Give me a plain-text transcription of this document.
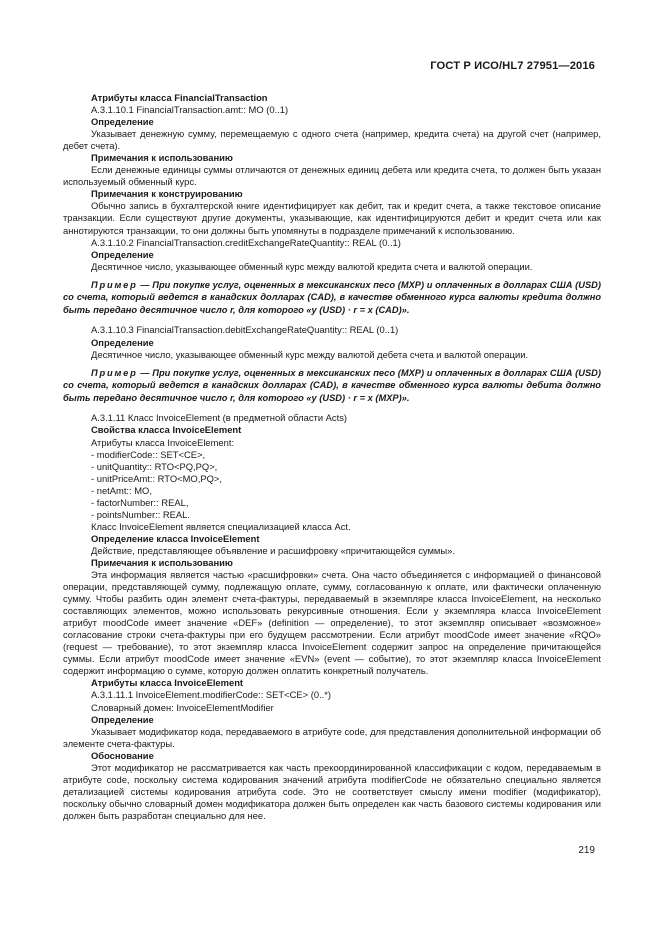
ГОСТ Р ИСО/HL7 27951—2016

Атрибуты класса FinancialTransaction

A.3.1.10.1 FinancialTransaction.amt:: MO (0..1)

Определение

Указывает денежную сумму, перемещаемую с одного счета (например, кредита счета) на другой счет (например, дебет счета).

Примечания к использованию

Если денежные единицы суммы отличаются от денежных единиц дебета или кредита счета, то должен быть указан используемый обменный курс.

Примечания к конструированию

Обычно запись в бухгалтерской книге идентифицирует как дебит, так и кредит счета, а также текстовое описание транзакции. Если существуют другие документы, указывающие, как идентифицируются дебит и кредит счета или как аннотируются транзакции, то они должны быть упомянуты в подразделе примечаний к использованию.

A.3.1.10.2 FinancialTransaction.creditExchangeRateQuantity:: REAL (0..1)

Определение

Десятичное число, указывающее обменный курс между валютой кредита счета и валютой операции.

Пример — При покупке услуг, оцененных в мексиканских песо (MXP) и оплаченных в долларах США (USD) со счета, который ведется в канадских долларах (CAD), в качестве обменного курса валюты кредита должно быть передано десятичное число r, для которого «y (USD) · r = x (CAD)».

A.3.1.10.3 FinancialTransaction.debitExchangeRateQuantity:: REAL (0..1)

Определение

Десятичное число, указывающее обменный курс между валютой дебета счета и валютой операции.

Пример — При покупке услуг, оцененных в мексиканских песо (MXP) и оплаченных в долларах США (USD) со счета, который ведется в канадских долларах (CAD), в качестве обменного курса валюты дебита должно быть передано десятичное число r, для которого «y (USD) · r = x (MXP)».

A.3.1.11 Класс InvoiceElement (в предметной области Acts)

Свойства класса InvoiceElement

Атрибуты класса InvoiceElement:

- modifierCode:: SET<CE>,

- unitQuantity:: RTO<PQ,PQ>,

- unitPriceAmt:: RTO<MO,PQ>,

- netAmt:: MO,

- factorNumber:: REAL,

- pointsNumber:: REAL.

Класс InvoiceElement является специализацией класса Act.

Определение класса InvoiceElement

Действие, представляющее объявление и расшифровку «причитающейся суммы».

Примечания к использованию

Эта информация является частью «расшифровки» счета. Она часто объединяется с информацией о финансовой операции, представляющей сумму, подлежащую оплате, сумму, согласованную к оплате, или фактически оплаченную сумму. Чтобы разбить один элемент счета-фактуры, передаваемый в экземпляре класса InvoiceElement, на несколько составляющих элементов, можно использовать рекурсивные отношения. Если у экземпляра класса InvoiceElement атрибут moodCode имеет значение «DEF» (definition — определение), то этот экземпляр описывает «возможное» согласование строки счета-фактуры при его будущем рассмотрении. Если атрибут moodCode имеет значение «RQO» (request — требование), то этот экземпляр класса InvoiceElement содержит запрос на определение причитающейся суммы. Если атрибут moodCode имеет значение «EVN» (event — событие), то этот экземпляр класса InvoiceElement содержит информацию о сумме, которую должен оплатить конкретный получатель.

Атрибуты класса InvoiceElement

A.3.1.11.1 InvoiceElement.modifierCode:: SET<CE> (0..*)

Словарный домен: InvoiceElementModifier

Определение

Указывает модификатор кода, передаваемого в атрибуте code, для представления дополнительной информации об элементе счета-фактуры.

Обоснование

Этот модификатор не рассматривается как часть прекоординированной классификации с кодом, передаваемым в атрибуте code, поскольку система кодирования значений атрибута modifierCode не обязательно специально является детализацией системы кодирования атрибута code. Это не соответствует смыслу имени modifier (модификатор), поскольку обычно словарный домен модификатора должен быть определен как часть базового системы кодирования или должен быть разработан специально для нее.

219
